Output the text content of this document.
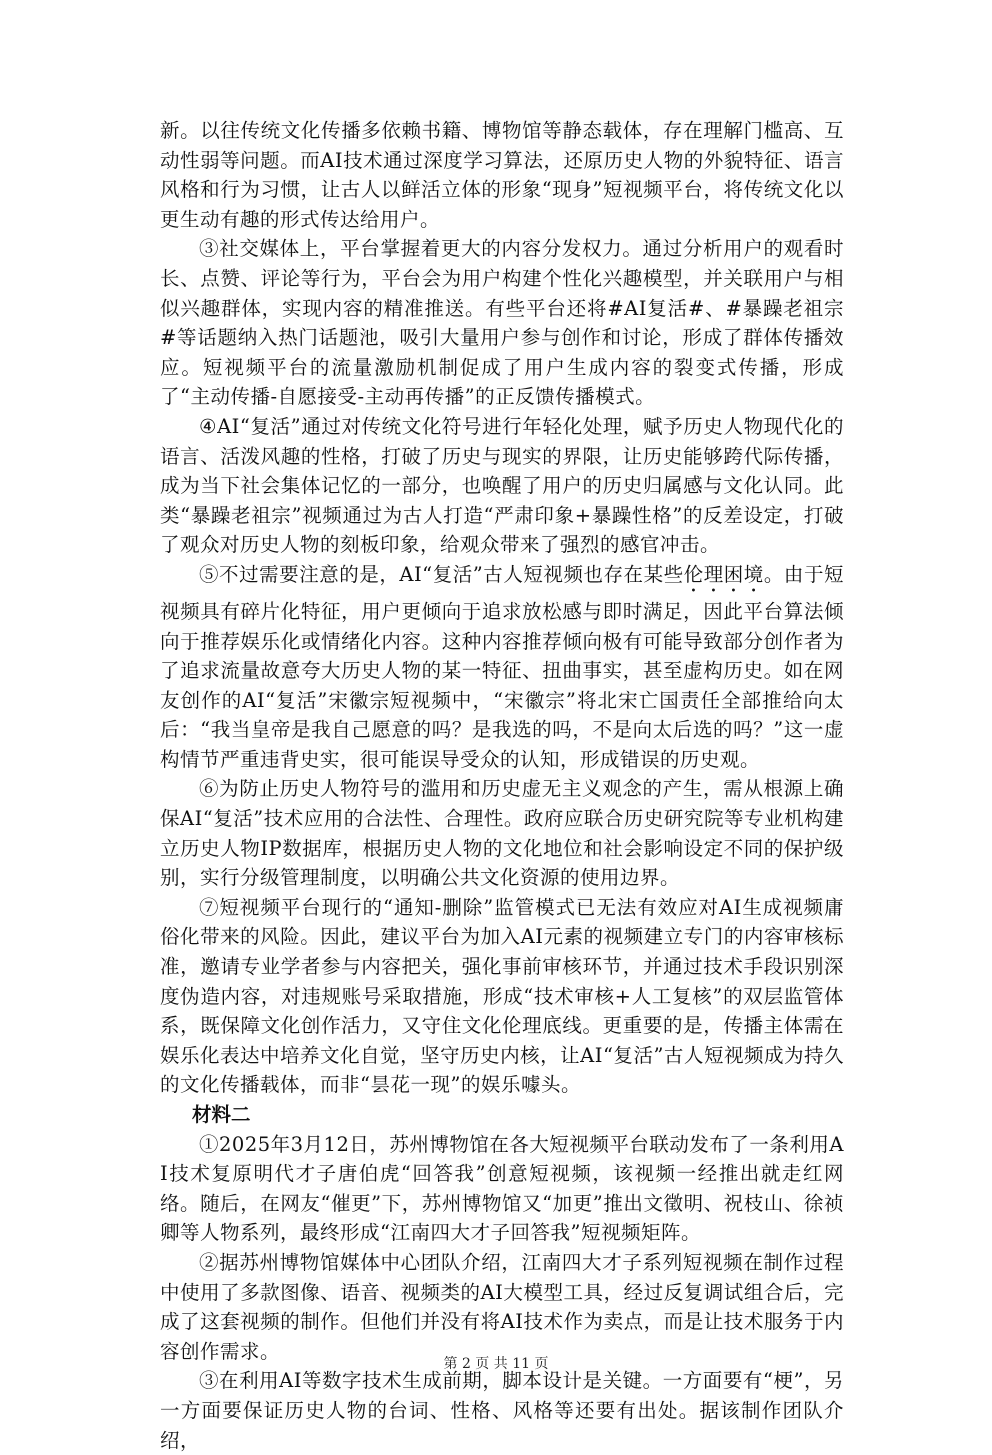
新。以往传统文化传播多依赖书籍、博物馆等静态载体，存在理解门槛高、互动性弱等问题。而AI技术通过深度学习算法，还原历史人物的外貌特征、语言风格和行为习惯，让古人以鲜活立体的形象“现身”短视频平台，将传统文化以更生动有趣的形式传达给用户。

③社交媒体上，平台掌握着更大的内容分发权力。通过分析用户的观看时长、点赞、评论等行为，平台会为用户构建个性化兴趣模型，并关联用户与相似兴趣群体，实现内容的精准推送。有些平台还将#AI复活#、#暴躁老祖宗#等话题纳入热门话题池，吸引大量用户参与创作和讨论，形成了群体传播效应。短视频平台的流量激励机制促成了用户生成内容的裂变式传播，形成了“主动传播-自愿接受-主动再传播”的正反馈传播模式。

④AI“复活”通过对传统文化符号进行年轻化处理，赋予历史人物现代化的语言、活泼风趣的性格，打破了历史与现实的界限，让历史能够跨代际传播，成为当下社会集体记忆的一部分，也唤醒了用户的历史归属感与文化认同。此类“暴躁老祖宗”视频通过为古人打造“严肃印象+暴躁性格”的反差设定，打破了观众对历史人物的刻板印象，给观众带来了强烈的感官冲击。

⑤不过需要注意的是，AI“复活”古人短视频也存在某些伦理困境。由于短视频具有碎片化特征，用户更倾向于追求放松感与即时满足，因此平台算法倾向于推荐娱乐化或情绪化内容。这种内容推荐倾向极有可能导致部分创作者为了追求流量故意夸大历史人物的某一特征、扭曲事实，甚至虚构历史。如在网友创作的AI“复活”宋徽宗短视频中，“宋徽宗”将北宋亡国责任全部推给向太后：“我当皇帝是我自己愿意的吗？是我选的吗，不是向太后选的吗？”这一虚构情节严重违背史实，很可能误导受众的认知，形成错误的历史观。

⑥为防止历史人物符号的滥用和历史虚无主义观念的产生，需从根源上确保AI“复活”技术应用的合法性、合理性。政府应联合历史研究院等专业机构建立历史人物IP数据库，根据历史人物的文化地位和社会影响设定不同的保护级别，实行分级管理制度，以明确公共文化资源的使用边界。

⑦短视频平台现行的“通知-删除”监管模式已无法有效应对AI生成视频庸俗化带来的风险。因此，建议平台为加入AI元素的视频建立专门的内容审核标准，邀请专业学者参与内容把关，强化事前审核环节，并通过技术手段识别深度伪造内容，对违规账号采取措施，形成“技术审核+人工复核”的双层监管体系，既保障文化创作活力，又守住文化伦理底线。更重要的是，传播主体需在娱乐化表达中培养文化自觉，坚守历史内核，让AI“复活”古人短视频成为持久的文化传播载体，而非“昙花一现”的娱乐噱头。

材料二

①2025年3月12日，苏州博物馆在各大短视频平台联动发布了一条利用AI技术复原明代才子唐伯虎“回答我”创意短视频，该视频一经推出就走红网络。随后，在网友“催更”下，苏州博物馆又“加更”推出文徵明、祝枝山、徐祯卿等人物系列，最终形成“江南四大才子回答我”短视频矩阵。

②据苏州博物馆媒体中心团队介绍，江南四大才子系列短视频在制作过程中使用了多款图像、语音、视频类的AI大模型工具，经过反复调试组合后，完成了这套视频的制作。但他们并没有将AI技术作为卖点，而是让技术服务于内容创作需求。

③在利用AI等数字技术生成前期，脚本设计是关键。一方面要有“梗”，另一方面要保证历史人物的台词、性格、风格等还要有出处。据该制作团队介绍，

第 2 页 共 11 页
